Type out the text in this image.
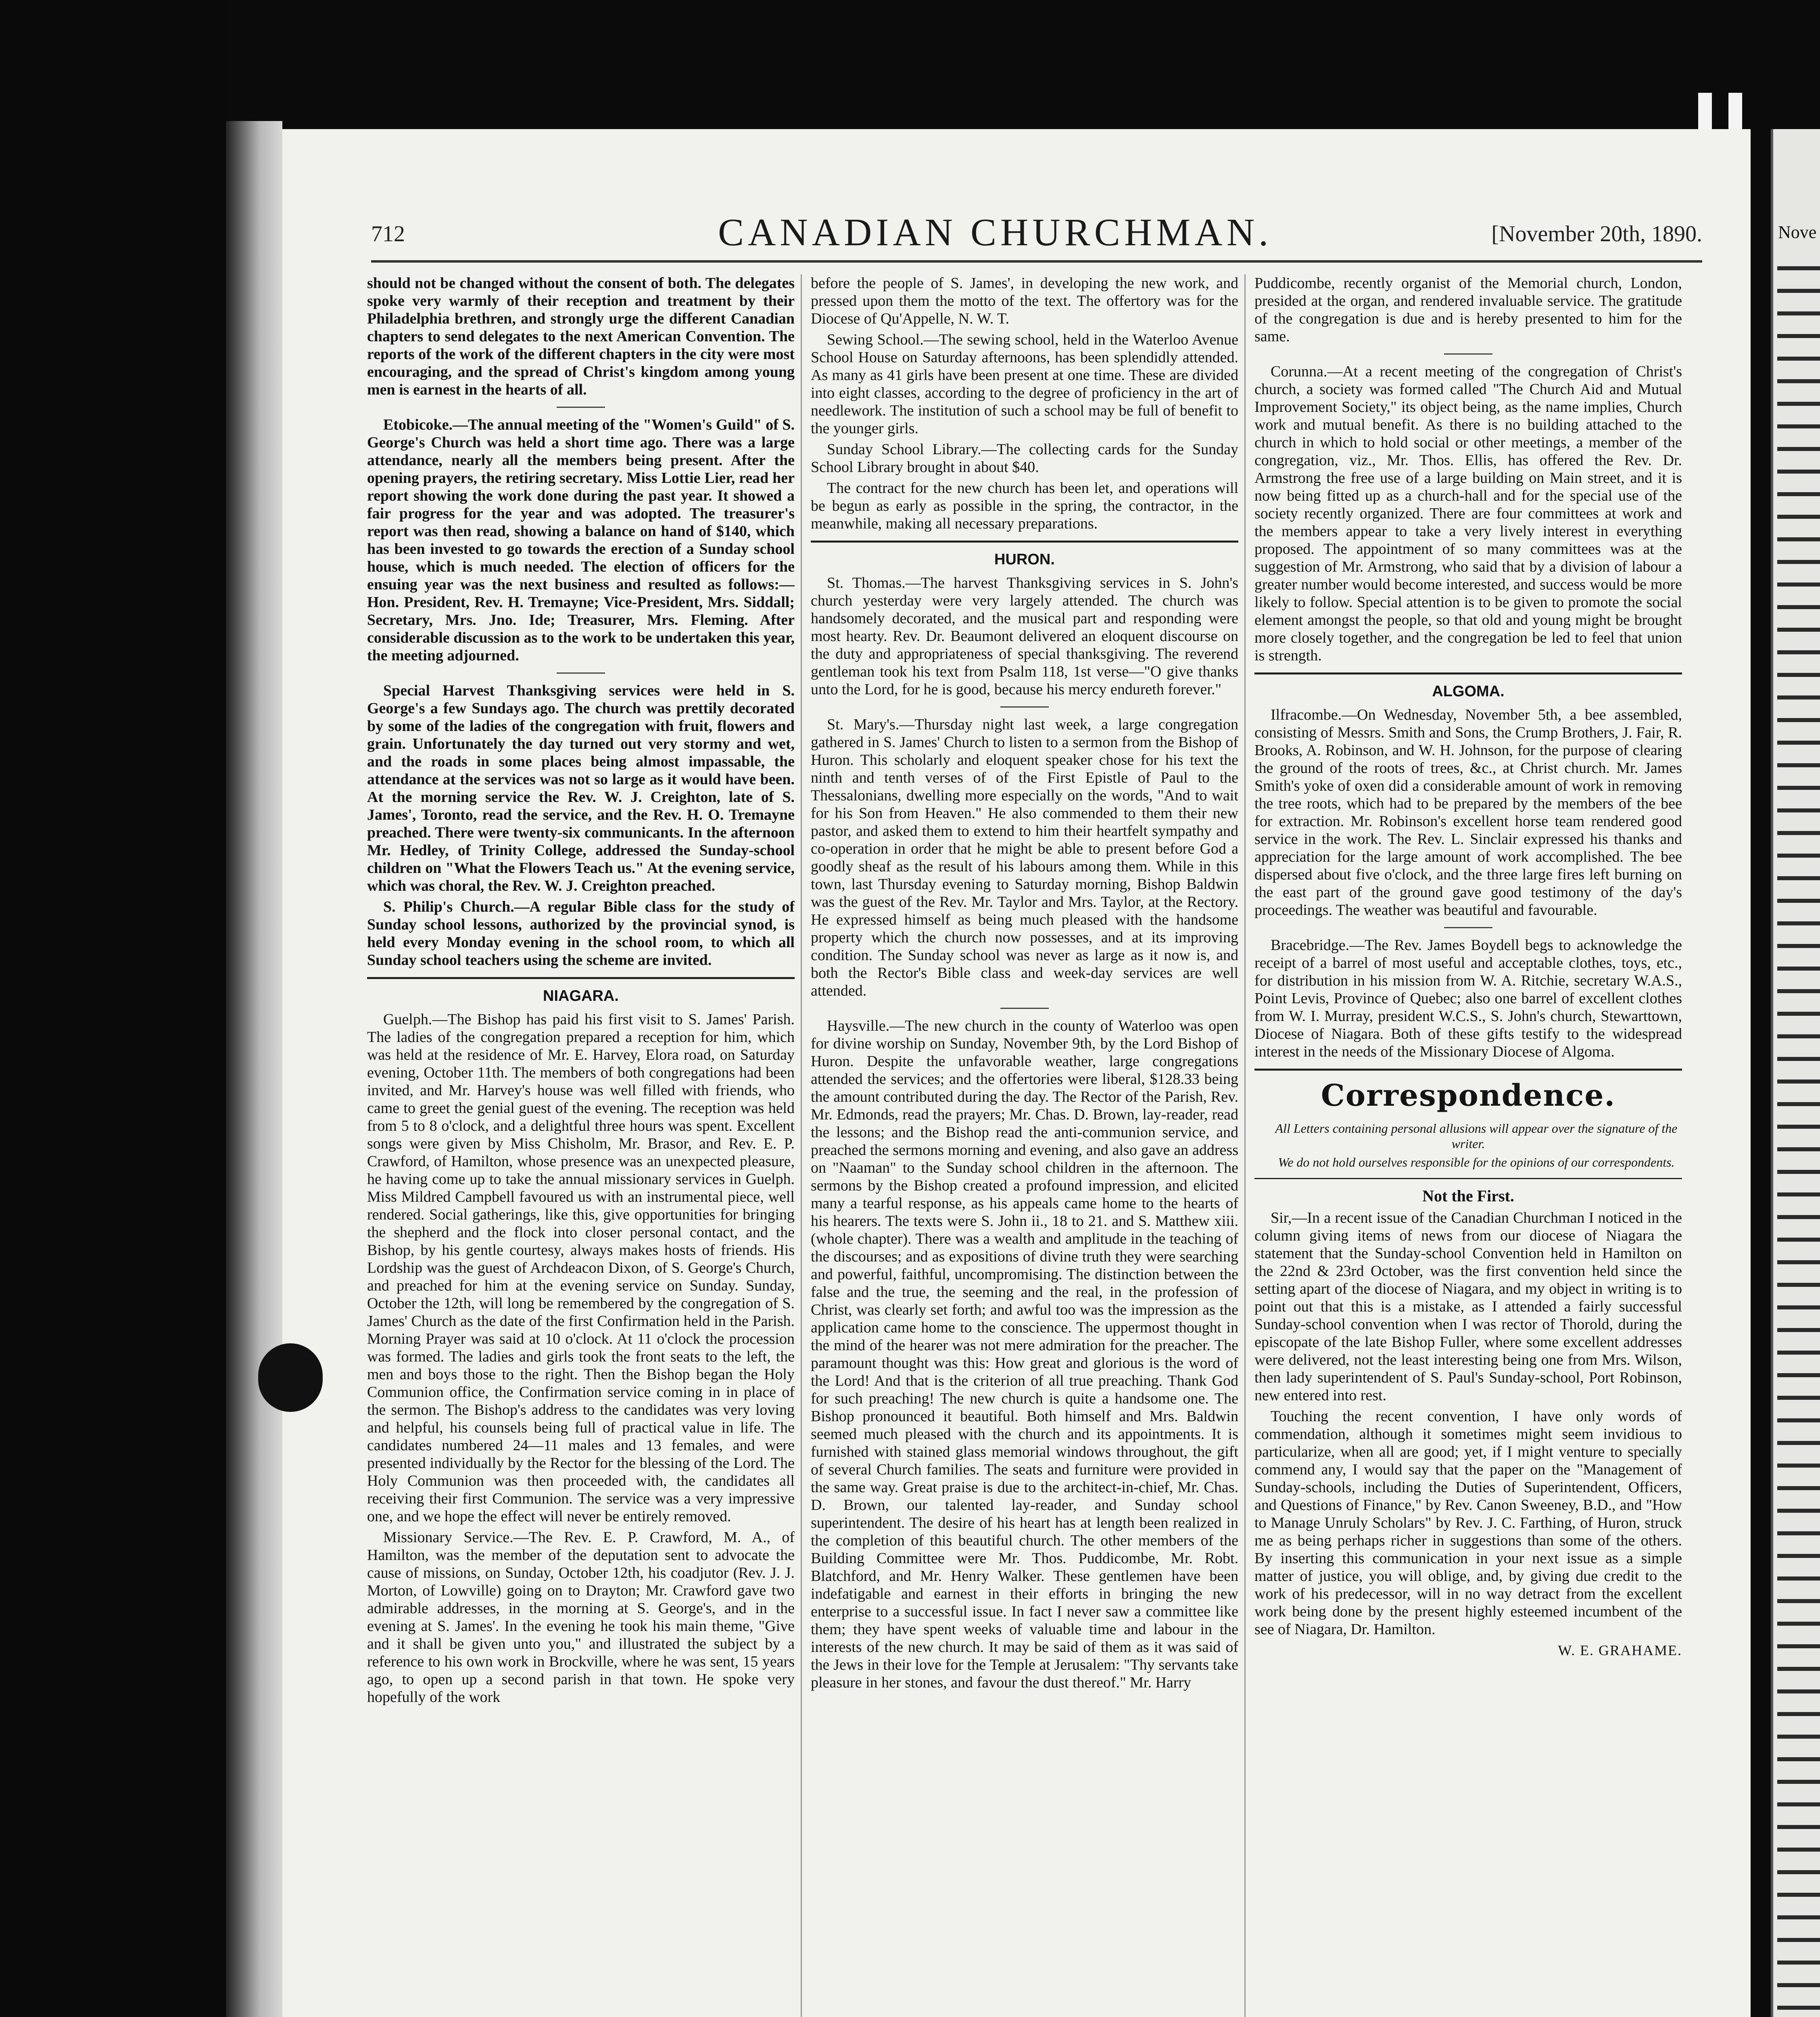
Nove
712	CANADIAN CHURCHMAN.	[November 20th, 1890.

should not be changed without the consent of both. The delegates spoke very warmly of their reception and treatment by their Philadelphia brethren, and strongly urge the different Canadian chapters to send delegates to the next American Convention. The reports of the work of the different chapters in the city were most encouraging, and the spread of Christ's kingdom among young men is earnest in the hearts of all.

Etobicoke.—The annual meeting of the "Women's Guild" of S. George's Church was held a short time ago. There was a large attendance, nearly all the members being present. After the opening prayers, the retiring secretary. Miss Lottie Lier, read her report showing the work done during the past year. It showed a fair progress for the year and was adopted. The treasurer's report was then read, showing a balance on hand of $140, which has been invested to go towards the erection of a Sunday school house, which is much needed. The election of officers for the ensuing year was the next business and resulted as follows:—Hon. President, Rev. H. Tremayne; Vice-President, Mrs. Siddall; Secretary, Mrs. Jno. Ide; Treasurer, Mrs. Fleming. After considerable discussion as to the work to be undertaken this year, the meeting adjourned.

Special Harvest Thanksgiving services were held in S. George's a few Sundays ago. The church was prettily decorated by some of the ladies of the congregation with fruit, flowers and grain. Unfortunately the day turned out very stormy and wet, and the roads in some places being almost impassable, the attendance at the services was not so large as it would have been. At the morning service the Rev. W. J. Creighton, late of S. James', Toronto, read the service, and the Rev. H. O. Tremayne preached. There were twenty-six communicants. In the afternoon Mr. Hedley, of Trinity College, addressed the Sunday-school children on "What the Flowers Teach us." At the evening service, which was choral, the Rev. W. J. Creighton preached.

S. Philip's Church.—A regular Bible class for the study of Sunday school lessons, authorized by the provincial synod, is held every Monday evening in the school room, to which all Sunday school teachers using the scheme are invited.

NIAGARA.

Guelph.—The Bishop has paid his first visit to S. James' Parish. The ladies of the congregation prepared a reception for him, which was held at the residence of Mr. E. Harvey, Elora road, on Saturday evening, October 11th. The members of both congregations had been invited, and Mr. Harvey's house was well filled with friends, who came to greet the genial guest of the evening. The reception was held from 5 to 8 o'clock, and a delightful three hours was spent. Excellent songs were given by Miss Chisholm, Mr. Brasor, and Rev. E. P. Crawford, of Hamilton, whose presence was an unexpected pleasure, he having come up to take the annual missionary services in Guelph. Miss Mildred Campbell favoured us with an instrumental piece, well rendered. Social gatherings, like this, give opportunities for bringing the shepherd and the flock into closer personal contact, and the Bishop, by his gentle courtesy, always makes hosts of friends. His Lordship was the guest of Archdeacon Dixon, of S. George's Church, and preached for him at the evening service on Sunday. Sunday, October the 12th, will long be remembered by the congregation of S. James' Church as the date of the first Confirmation held in the Parish. Morning Prayer was said at 10 o'clock. At 11 o'clock the procession was formed. The ladies and girls took the front seats to the left, the men and boys those to the right. Then the Bishop began the Holy Communion office, the Confirmation service coming in in place of the sermon. The Bishop's address to the candidates was very loving and helpful, his counsels being full of practical value in life. The candidates numbered 24—11 males and 13 females, and were presented individually by the Rector for the blessing of the Lord. The Holy Communion was then proceeded with, the candidates all receiving their first Communion. The service was a very impressive one, and we hope the effect will never be entirely removed.

Missionary Service.—The Rev. E. P. Crawford, M. A., of Hamilton, was the member of the deputation sent to advocate the cause of missions, on Sunday, October 12th, his coadjutor (Rev. J. J. Morton, of Lowville) going on to Drayton; Mr. Crawford gave two admirable addresses, in the morning at S. George's, and in the evening at S. James'. In the evening he took his main theme, "Give and it shall be given unto you," and illustrated the subject by a reference to his own work in Brockville, where he was sent, 15 years ago, to open up a second parish in that town. He spoke very hopefully of the work

before the people of S. James', in developing the new work, and pressed upon them the motto of the text. The offertory was for the Diocese of Qu'Appelle, N. W. T.

Sewing School.—The sewing school, held in the Waterloo Avenue School House on Saturday afternoons, has been splendidly attended. As many as 41 girls have been present at one time. These are divided into eight classes, according to the degree of proficiency in the art of needlework. The institution of such a school may be full of benefit to the younger girls.

Sunday School Library.—The collecting cards for the Sunday School Library brought in about $40.

The contract for the new church has been let, and operations will be begun as early as possible in the spring, the contractor, in the meanwhile, making all necessary preparations.

HURON.

St. Thomas.—The harvest Thanksgiving services in S. John's church yesterday were very largely attended. The church was handsomely decorated, and the musical part and responding were most hearty. Rev. Dr. Beaumont delivered an eloquent discourse on the duty and appropriateness of special thanksgiving. The reverend gentleman took his text from Psalm 118, 1st verse—"O give thanks unto the Lord, for he is good, because his mercy endureth forever."

St. Mary's.—Thursday night last week, a large congregation gathered in S. James' Church to listen to a sermon from the Bishop of Huron. This scholarly and eloquent speaker chose for his text the ninth and tenth verses of of the First Epistle of Paul to the Thessalonians, dwelling more especially on the words, "And to wait for his Son from Heaven." He also commended to them their new pastor, and asked them to extend to him their heartfelt sympathy and co-operation in order that he might be able to present before God a goodly sheaf as the result of his labours among them. While in this town, last Thursday evening to Saturday morning, Bishop Baldwin was the guest of the Rev. Mr. Taylor and Mrs. Taylor, at the Rectory. He expressed himself as being much pleased with the handsome property which the church now possesses, and at its improving condition. The Sunday school was never as large as it now is, and both the Rector's Bible class and week-day services are well attended.

Haysville.—The new church in the county of Waterloo was open for divine worship on Sunday, November 9th, by the Lord Bishop of Huron. Despite the unfavorable weather, large congregations attended the services; and the offertories were liberal, $128.33 being the amount contributed during the day. The Rector of the Parish, Rev. Mr. Edmonds, read the prayers; Mr. Chas. D. Brown, lay-reader, read the lessons; and the Bishop read the anti-communion service, and preached the sermons morning and evening, and also gave an address on "Naaman" to the Sunday school children in the afternoon. The sermons by the Bishop created a profound impression, and elicited many a tearful response, as his appeals came home to the hearts of his hearers. The texts were S. John ii., 18 to 21. and S. Matthew xiii. (whole chapter). There was a wealth and amplitude in the teaching of the discourses; and as expositions of divine truth they were searching and powerful, faithful, uncompromising. The distinction between the false and the true, the seeming and the real, in the profession of Christ, was clearly set forth; and awful too was the impression as the application came home to the conscience. The uppermost thought in the mind of the hearer was not mere admiration for the preacher. The paramount thought was this: How great and glorious is the word of the Lord! And that is the criterion of all true preaching. Thank God for such preaching! The new church is quite a handsome one. The Bishop pronounced it beautiful. Both himself and Mrs. Baldwin seemed much pleased with the church and its appointments. It is furnished with stained glass memorial windows throughout, the gift of several Church families. The seats and furniture were provided in the same way. Great praise is due to the architect-in-chief, Mr. Chas. D. Brown, our talented lay-reader, and Sunday school superintendent. The desire of his heart has at length been realized in the completion of this beautiful church. The other members of the Building Committee were Mr. Thos. Puddicombe, Mr. Robt. Blatchford, and Mr. Henry Walker. These gentlemen have been indefatigable and earnest in their efforts in bringing the new enterprise to a successful issue. In fact I never saw a committee like them; they have spent weeks of valuable time and labour in the interests of the new church. It may be said of them as it was said of the Jews in their love for the Temple at Jerusalem: "Thy servants take pleasure in her stones, and favour the dust thereof." Mr. Harry

Puddicombe, recently organist of the Memorial church, London, presided at the organ, and rendered invaluable service. The gratitude of the congregation is due and is hereby presented to him for the same.

Corunna.—At a recent meeting of the congregation of Christ's church, a society was formed called "The Church Aid and Mutual Improvement Society," its object being, as the name implies, Church work and mutual benefit. As there is no building attached to the church in which to hold social or other meetings, a member of the congregation, viz., Mr. Thos. Ellis, has offered the Rev. Dr. Armstrong the free use of a large building on Main street, and it is now being fitted up as a church-hall and for the special use of the society recently organized. There are four committees at work and the members appear to take a very lively interest in everything proposed. The appointment of so many committees was at the suggestion of Mr. Armstrong, who said that by a division of labour a greater number would become interested, and success would be more likely to follow. Special attention is to be given to promote the social element amongst the people, so that old and young might be brought more closely together, and the congregation be led to feel that union is strength.

ALGOMA.

Ilfracombe.—On Wednesday, November 5th, a bee assembled, consisting of Messrs. Smith and Sons, the Crump Brothers, J. Fair, R. Brooks, A. Robinson, and W. H. Johnson, for the purpose of clearing the ground of the roots of trees, &c., at Christ church. Mr. James Smith's yoke of oxen did a considerable amount of work in removing the tree roots, which had to be prepared by the members of the bee for extraction. Mr. Robinson's excellent horse team rendered good service in the work. The Rev. L. Sinclair expressed his thanks and appreciation for the large amount of work accomplished. The bee dispersed about five o'clock, and the three large fires left burning on the east part of the ground gave good testimony of the day's proceedings. The weather was beautiful and favourable.

Bracebridge.—The Rev. James Boydell begs to acknowledge the receipt of a barrel of most useful and acceptable clothes, toys, etc., for distribution in his mission from W. A. Ritchie, secretary W.A.S., Point Levis, Province of Quebec; also one barrel of excellent clothes from W. I. Murray, president W.C.S., S. John's church, Stewarttown, Diocese of Niagara. Both of these gifts testify to the widespread interest in the needs of the Missionary Diocese of Algoma.

Correspondence.

All Letters containing personal allusions will appear over the signature of the writer.

We do not hold ourselves responsible for the opinions of our correspondents.

Not the First.

Sir,—In a recent issue of the Canadian Churchman I noticed in the column giving items of news from our diocese of Niagara the statement that the Sunday-school Convention held in Hamilton on the 22nd & 23rd October, was the first convention held since the setting apart of the diocese of Niagara, and my object in writing is to point out that this is a mistake, as I attended a fairly successful Sunday-school convention when I was rector of Thorold, during the episcopate of the late Bishop Fuller, where some excellent addresses were delivered, not the least interesting being one from Mrs. Wilson, then lady superintendent of S. Paul's Sunday-school, Port Robinson, new entered into rest.

Touching the recent convention, I have only words of commendation, although it sometimes might seem invidious to particularize, when all are good; yet, if I might venture to specially commend any, I would say that the paper on the "Management of Sunday-schools, including the Duties of Superintendent, Officers, and Questions of Finance," by Rev. Canon Sweeney, B.D., and "How to Manage Unruly Scholars" by Rev. J. C. Farthing, of Huron, struck me as being perhaps richer in suggestions than some of the others. By inserting this communication in your next issue as a simple matter of justice, you will oblige, and, by giving due credit to the work of his predecessor, will in no way detract from the excellent work being done by the present highly esteemed incumbent of the see of Niagara, Dr. Hamilton.

W. E. GRAHAME.
